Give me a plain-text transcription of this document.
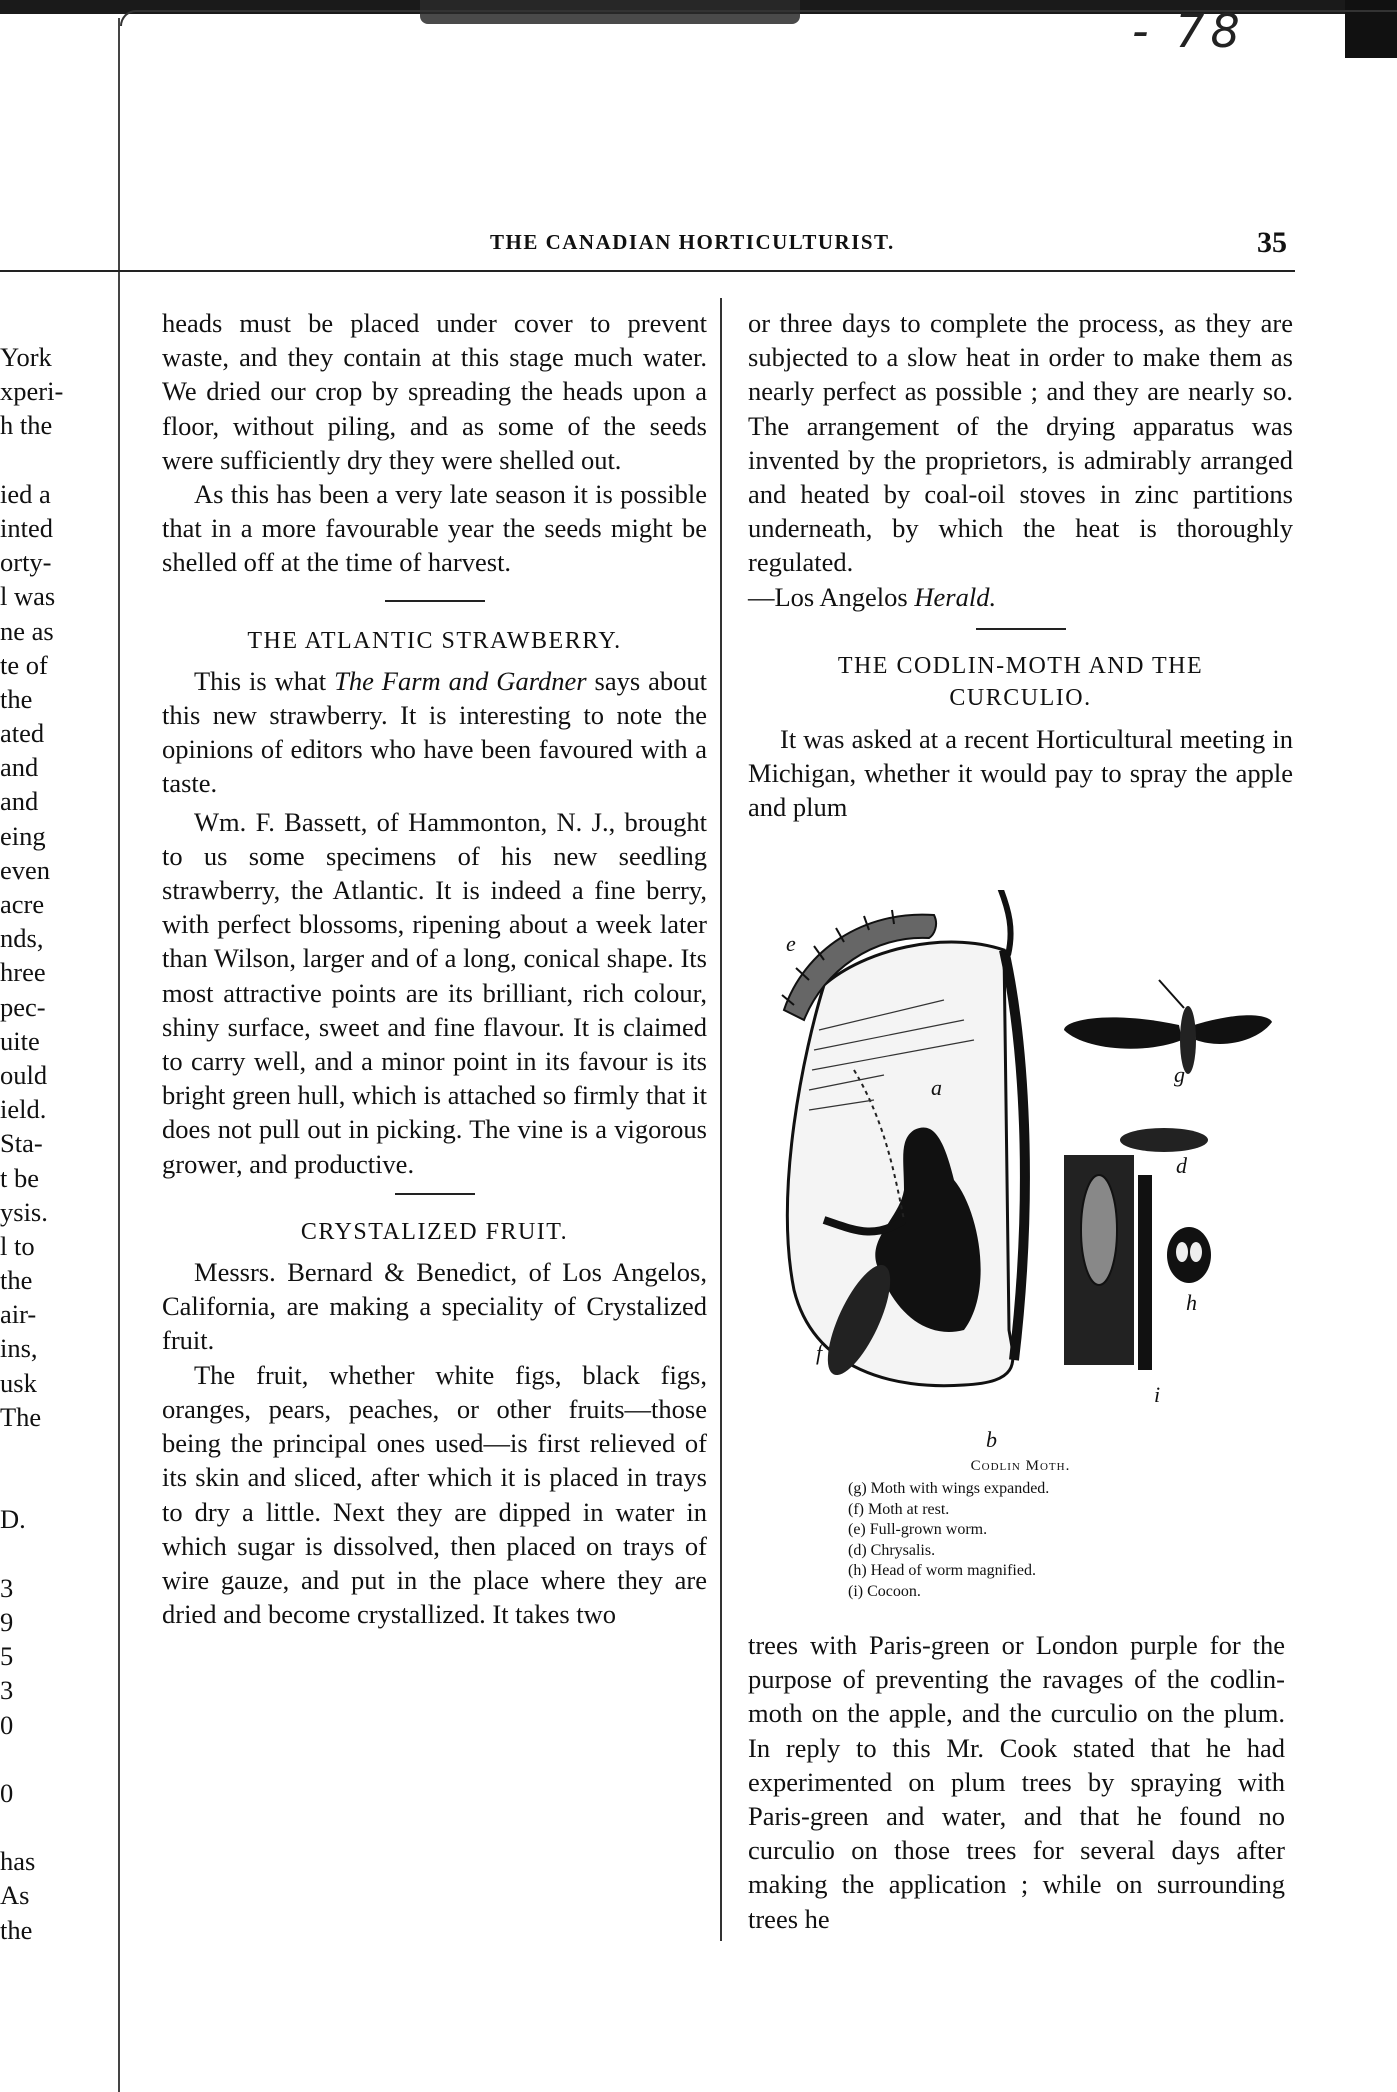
- 78
THE CANADIAN HORTICULTURIST.	35
York
xperi-
h the
ied a
inted
orty-
l was
ne as
te of
the
ated
and
and
eing
even
acre
nds,
hree
pec-
uite
ould
ield.
Sta-
t be
ysis.
l to
the
air-
ins,
usk
The
D.
3
9
5
3
0
0
has
As
the

heads must be placed under cover to prevent waste, and they contain at this stage much water. We dried our crop by spreading the heads upon a floor, without piling, and as some of the seeds were sufficiently dry they were shelled out.

As this has been a very late season it is possible that in a more favourable year the seeds might be shelled off at the time of harvest.

THE ATLANTIC STRAWBERRY.

This is what The Farm and Gardner says about this new strawberry. It is interesting to note the opinions of editors who have been favoured with a taste.

Wm. F. Bassett, of Hammonton, N. J., brought to us some specimens of his new seedling strawberry, the Atlantic. It is indeed a fine berry, with perfect blossoms, ripening about a week later than Wilson, larger and of a long, conical shape. Its most attractive points are its brilliant, rich colour, shiny surface, sweet and fine flavour. It is claimed to carry well, and a minor point in its favour is its bright green hull, which is attached so firmly that it does not pull out in picking. The vine is a vigorous grower, and productive.

CRYSTALIZED FRUIT.

Messrs. Bernard & Benedict, of Los Angelos, California, are making a speciality of Crystalized fruit.

The fruit, whether white figs, black figs, oranges, pears, peaches, or other fruits—those being the principal ones used—is first relieved of its skin and sliced, after which it is placed in trays to dry a little. Next they are dipped in water in which sugar is dissolved, then placed on trays of wire gauze, and put in the place where they are dried and become crystallized. It takes two

or three days to complete the process, as they are subjected to a slow heat in order to make them as nearly perfect as possible ; and they are nearly so. The arrangement of the drying apparatus was invented by the proprietors, is admirably arranged and heated by coal-oil stoves in zinc partitions underneath, by which the heat is thoroughly regulated.

—Los Angelos Herald.

THE CODLIN-MOTH AND THE CURCULIO.

It was asked at a recent Horticultural meeting in Michigan, whether it would pay to spray the apple and plum

a
b
d
e
f
g
h
i
Codlin Moth.
(g) Moth with wings expanded.
(f) Moth at rest.
(e) Full-grown worm.
(d) Chrysalis.
(h) Head of worm magnified.
(i) Cocoon.

trees with Paris-green or London purple for the purpose of preventing the ravages of the codlin-moth on the apple, and the curculio on the plum. In reply to this Mr. Cook stated that he had experimented on plum trees by spraying with Paris-green and water, and that he found no curculio on those trees for several days after making the application ; while on surrounding trees he
